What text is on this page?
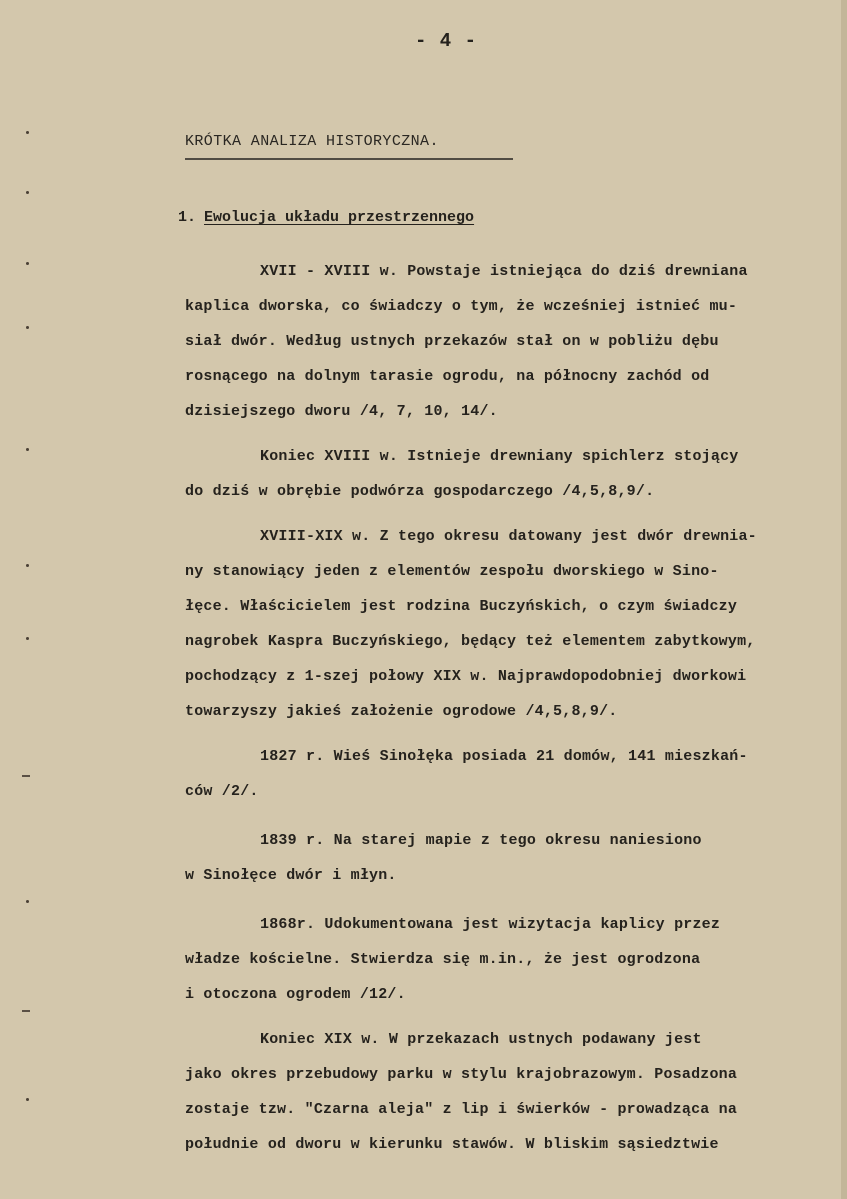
- 4 -
KRÓTKA ANALIZA HISTORYCZNA.
1. Ewolucja układu przestrzennego
XVII - XVIII w. Powstaje istniejąca do dziś drewniana
kaplica dworska, co świadczy o tym, że wcześniej istnieć mu-
siał dwór. Według ustnych przekazów stał on w pobliżu dębu
rosnącego na dolnym tarasie ogrodu, na północny zachód od
dzisiejszego dworu /4, 7, 10, 14/.
Koniec XVIII w. Istnieje drewniany spichlerz stojący
do dziś w obrębie podwórza gospodarczego /4,5,8,9/.
XVIII-XIX w. Z tego okresu datowany jest dwór drewnia-
ny stanowiący jeden z elementów zespołu dworskiego w Sino-
łęce. Właścicielem jest rodzina Buczyńskich, o czym świadczy
nagrobek Kaspra Buczyńskiego, będący też elementem zabytkowym,
pochodzący z 1-szej połowy XIX w. Najprawdopodobniej dworkowi
towarzyszy jakieś założenie ogrodowe /4,5,8,9/.
1827 r. Wieś Sinołęka posiada 21 domów, 141 mieszkań-
ców /2/.
1839 r. Na starej mapie z tego okresu naniesiono
w Sinołęce dwór i młyn.
1868r. Udokumentowana jest wizytacja kaplicy przez
władze kościelne. Stwierdza się m.in., że jest ogrodzona
i otoczona ogrodem /12/.
Koniec XIX w. W przekazach ustnych podawany jest
jako okres przebudowy parku w stylu krajobrazowym. Posadzona
zostaje tzw. "Czarna aleja" z lip i świerków - prowadząca na
południe od dworu w kierunku stawów. W bliskim sąsiedztwie
